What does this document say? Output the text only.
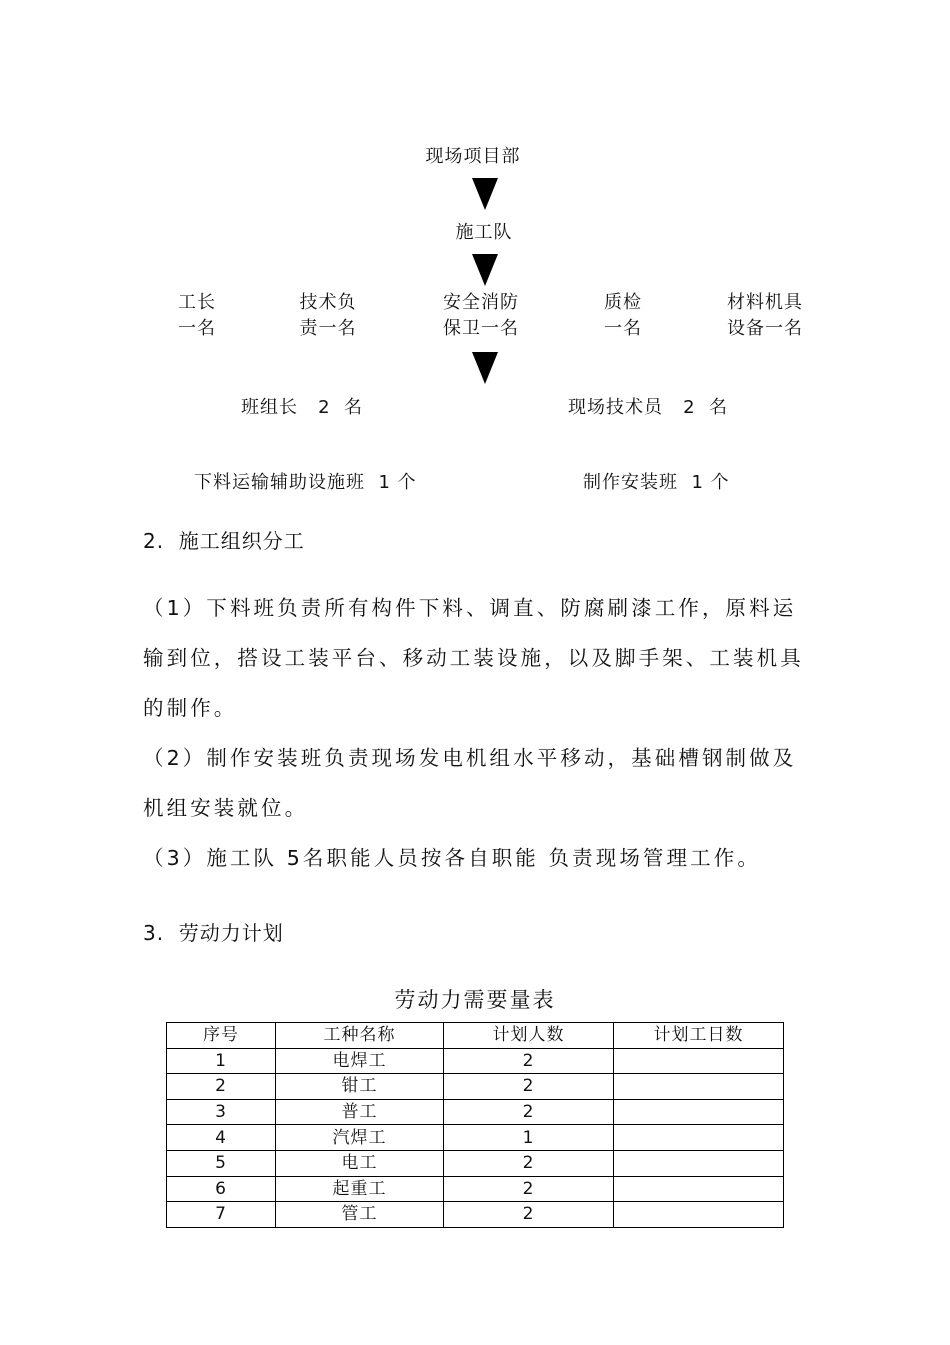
现场项目部
施工队
工长
一名
技术负
责一名
安全消防
保卫一名
质检
一名
材料机具
设备一名
班组长   2  名	现场技术员   2  名
下料运输辅助设施班  1 个	制作安装班  1 个
2.  施工组织分工
（1）下料班负责所有构件下料、调直、防腐刷漆工作，原料运输到位，搭设工装平台、移动工装设施，以及脚手架、工装机具的制作。
（2）制作安装班负责现场发电机组水平移动，基础槽钢制做及机组安装就位。
（3）施工队 5名职能人员按各自职能 负责现场管理工作。
3.  劳动力计划
劳动力需要量表
序号	工种名称	计划人数	计划工日数
1	电焊工	2	
2	钳工	2	
3	普工	2	
4	汽焊工	1	
5	电工	2	
6	起重工	2	
7	管工	2	
